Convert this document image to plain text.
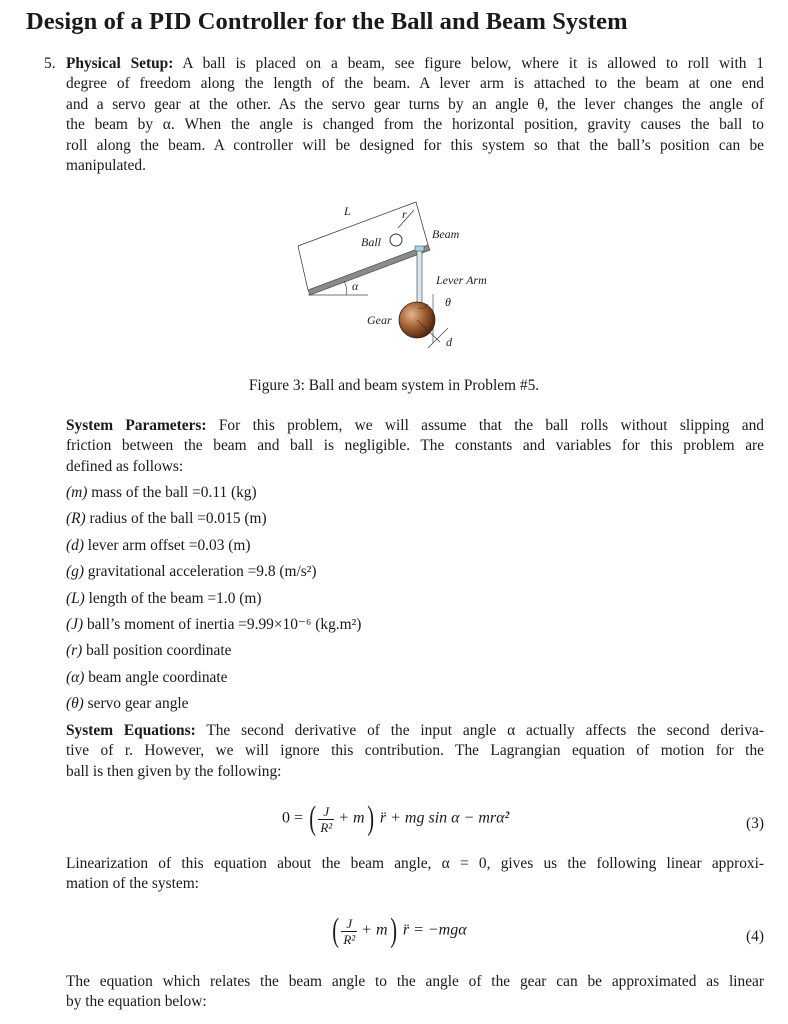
Design of a PID Controller for the Ball and Beam System
5. Physical Setup: A ball is placed on a beam, see figure below, where it is allowed to roll with 1
degree of freedom along the length of the beam. A lever arm is attached to the beam at one end
and a servo gear at the other. As the servo gear turns by an angle θ, the lever changes the angle of
the beam by α. When the angle is changed from the horizontal position, gravity causes the ball to
roll along the beam. A controller will be designed for this system so that the ball’s position can be
manipulated.
L	r
Ball
Beam
Lever Arm
θ
α
Gear
d
Figure 3: Ball and beam system in Problem #5.
System Parameters: For this problem, we will assume that the ball rolls without slipping and
friction between the beam and ball is negligible. The constants and variables for this problem are
defined as follows:
(m) mass of the ball =0.11 (kg)
(R) radius of the ball =0.015 (m)
(d) lever arm offset =0.03 (m)
(g) gravitational acceleration =9.8 (m/s²)
(L) length of the beam =1.0 (m)
(J) ball’s moment of inertia =9.99×10⁻⁶ (kg.m²)
(r) ball position coordinate
(α) beam angle coordinate
(θ) servo gear angle
System Equations: The second derivative of the input angle α actually affects the second deriva-
tive of r. However, we will ignore this contribution. The Lagrangian equation of motion for the
ball is then given by the following:
0 = ( $\frac{J}{\text{R²}} + m$) r̈ + mg sin α − mrα̇²	(3)
Linearization of this equation about the beam angle, α = 0, gives us the following linear approxi-
mation of the system:
( $\frac{J}{\text{R²}} + m$) r̈ = −mgα	(4)
The equation which relates the beam angle to the angle of the gear can be approximated as linear
by the equation below:
